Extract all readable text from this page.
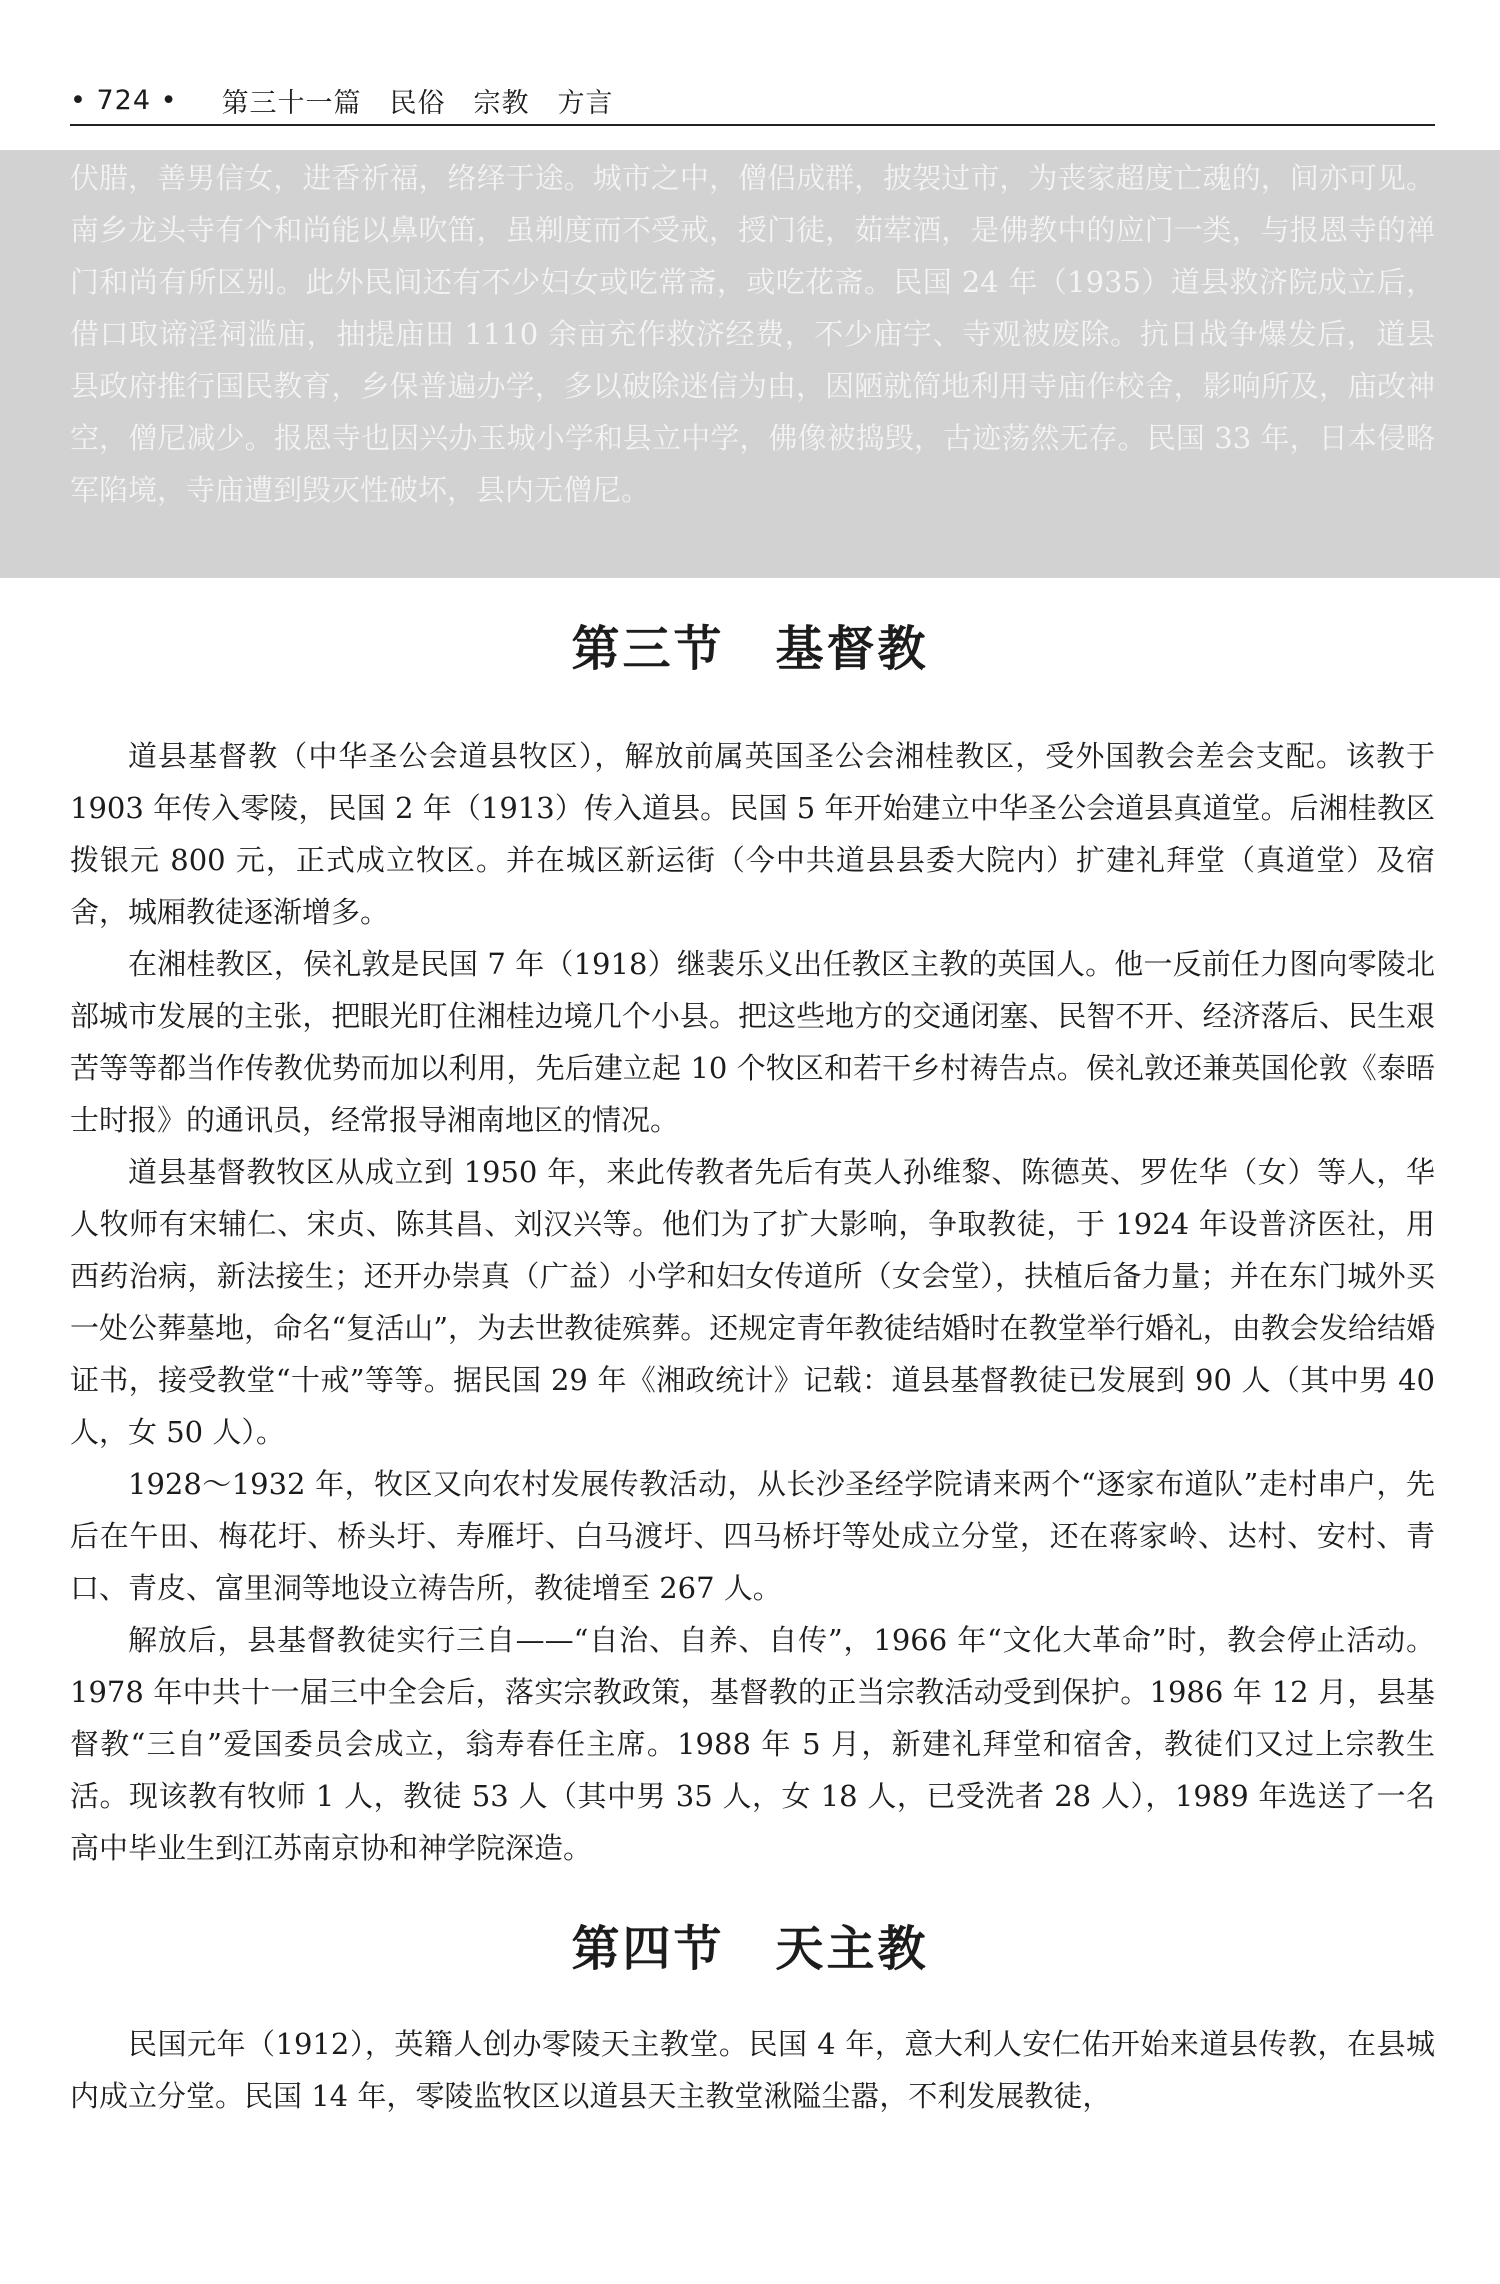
• 724 • 第三十一篇　民俗　宗教　方言

伏腊，善男信女，进香祈福，络绎于途。城市之中，僧侣成群，披袈过市，为丧家超度亡魂的，间亦可见。南乡龙头寺有个和尚能以鼻吹笛，虽剃度而不受戒，授门徒，茹荤酒，是佛教中的应门一类，与报恩寺的禅门和尚有所区别。此外民间还有不少妇女或吃常斋，或吃花斋。民国 24 年（1935）道县救济院成立后，借口取谛淫祠滥庙，抽提庙田 1110 余亩充作救济经费，不少庙宇、寺观被废除。抗日战争爆发后，道县县政府推行国民教育，乡保普遍办学，多以破除迷信为由，因陋就简地利用寺庙作校舍，影响所及，庙改神空，僧尼减少。报恩寺也因兴办玉城小学和县立中学，佛像被捣毁，古迹荡然无存。民国 33 年，日本侵略军陷境，寺庙遭到毁灭性破坏，县内无僧尼。

第三节　基督教

道县基督教（中华圣公会道县牧区），解放前属英国圣公会湘桂教区，受外国教会差会支配。该教于 1903 年传入零陵，民国 2 年（1913）传入道县。民国 5 年开始建立中华圣公会道县真道堂。后湘桂教区拨银元 800 元，正式成立牧区。并在城区新运街（今中共道县县委大院内）扩建礼拜堂（真道堂）及宿舍，城厢教徒逐渐增多。

在湘桂教区，侯礼敦是民国 7 年（1918）继裴乐义出任教区主教的英国人。他一反前任力图向零陵北部城市发展的主张，把眼光盯住湘桂边境几个小县。把这些地方的交通闭塞、民智不开、经济落后、民生艰苦等等都当作传教优势而加以利用，先后建立起 10 个牧区和若干乡村祷告点。侯礼敦还兼英国伦敦《泰晤士时报》的通讯员，经常报导湘南地区的情况。

道县基督教牧区从成立到 1950 年，来此传教者先后有英人孙维黎、陈德英、罗佐华（女）等人，华人牧师有宋辅仁、宋贞、陈其昌、刘汉兴等。他们为了扩大影响，争取教徒，于 1924 年设普济医社，用西药治病，新法接生；还开办崇真（广益）小学和妇女传道所（女会堂），扶植后备力量；并在东门城外买一处公葬墓地，命名“复活山”，为去世教徒殡葬。还规定青年教徒结婚时在教堂举行婚礼，由教会发给结婚证书，接受教堂“十戒”等等。据民国 29 年《湘政统计》记载：道县基督教徒已发展到 90 人（其中男 40 人，女 50 人）。

1928～1932 年，牧区又向农村发展传教活动，从长沙圣经学院请来两个“逐家布道队”走村串户，先后在午田、梅花圩、桥头圩、寿雁圩、白马渡圩、四马桥圩等处成立分堂，还在蒋家岭、达村、安村、青口、青皮、富里洞等地设立祷告所，教徒增至 267 人。

解放后，县基督教徒实行三自——“自治、自养、自传”，1966 年“文化大革命”时，教会停止活动。1978 年中共十一届三中全会后，落实宗教政策，基督教的正当宗教活动受到保护。1986 年 12 月，县基督教“三自”爱国委员会成立，翁寿春任主席。1988 年 5 月，新建礼拜堂和宿舍，教徒们又过上宗教生活。现该教有牧师 1 人，教徒 53 人（其中男 35 人，女 18 人，已受洗者 28 人），1989 年选送了一名高中毕业生到江苏南京协和神学院深造。

第四节　天主教

民国元年（1912），英籍人创办零陵天主教堂。民国 4 年，意大利人安仁佑开始来道县传教，在县城内成立分堂。民国 14 年，零陵监牧区以道县天主教堂湫隘尘嚣，不利发展教徒，
